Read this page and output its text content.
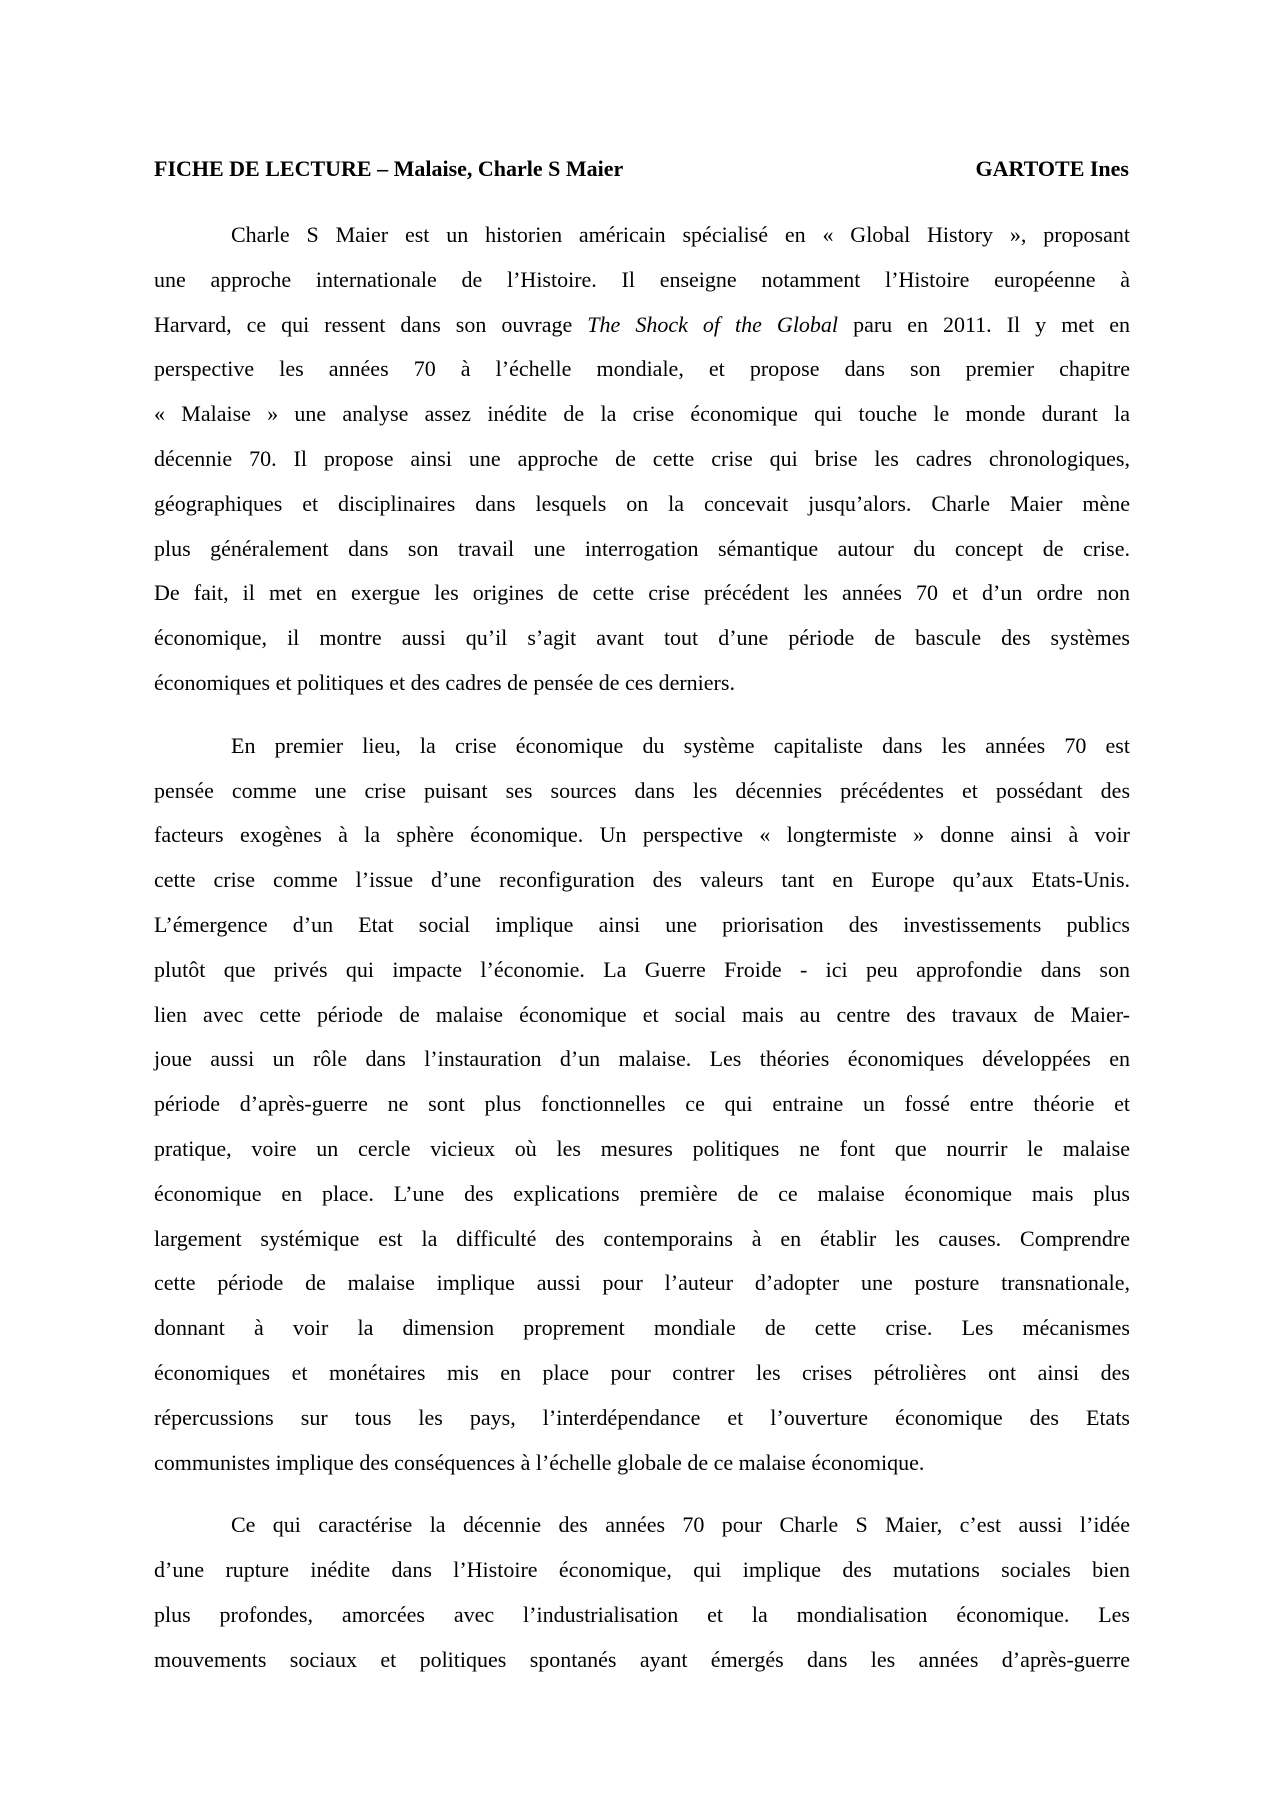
FICHE DE LECTURE – Malaise, Charle S Maier	GARTOTE Ines
Charle S Maier est un historien américain spécialisé en « Global History », proposant
une approche internationale de l’Histoire. Il enseigne notamment l’Histoire européenne à
Harvard, ce qui ressent dans son ouvrage The Shock of the Global paru en 2011. Il y met en
perspective les années 70 à l’échelle mondiale, et propose dans son premier chapitre
« Malaise » une analyse assez inédite de la crise économique qui touche le monde durant la
décennie 70. Il propose ainsi une approche de cette crise qui brise les cadres chronologiques,
géographiques et disciplinaires dans lesquels on la concevait jusqu’alors. Charle Maier mène
plus généralement dans son travail une interrogation sémantique autour du concept de crise.
De fait, il met en exergue les origines de cette crise précédent les années 70 et d’un ordre non
économique, il montre aussi qu’il s’agit avant tout d’une période de bascule des systèmes
économiques et politiques et des cadres de pensée de ces derniers.
En premier lieu, la crise économique du système capitaliste dans les années 70 est
pensée comme une crise puisant ses sources dans les décennies précédentes et possédant des
facteurs exogènes à la sphère économique. Un perspective « longtermiste » donne ainsi à voir
cette crise comme l’issue d’une reconfiguration des valeurs tant en Europe qu’aux Etats-Unis.
L’émergence d’un Etat social implique ainsi une priorisation des investissements publics
plutôt que privés qui impacte l’économie. La Guerre Froide - ici peu approfondie dans son
lien avec cette période de malaise économique et social mais au centre des travaux de Maier-
joue aussi un rôle dans l’instauration d’un malaise. Les théories économiques développées en
période d’après-guerre ne sont plus fonctionnelles ce qui entraine un fossé entre théorie et
pratique, voire un cercle vicieux où les mesures politiques ne font que nourrir le malaise
économique en place. L’une des explications première de ce malaise économique mais plus
largement systémique est la difficulté des contemporains à en établir les causes. Comprendre
cette période de malaise implique aussi pour l’auteur d’adopter une posture transnationale,
donnant à voir la dimension proprement mondiale de cette crise. Les mécanismes
économiques et monétaires mis en place pour contrer les crises pétrolières ont ainsi des
répercussions sur tous les pays, l’interdépendance et l’ouverture économique des Etats
communistes implique des conséquences à l’échelle globale de ce malaise économique.
Ce qui caractérise la décennie des années 70 pour Charle S Maier, c’est aussi l’idée
d’une rupture inédite dans l’Histoire économique, qui implique des mutations sociales bien
plus profondes, amorcées avec l’industrialisation et la mondialisation économique. Les
mouvements sociaux et politiques spontanés ayant émergés dans les années d’après-guerre
